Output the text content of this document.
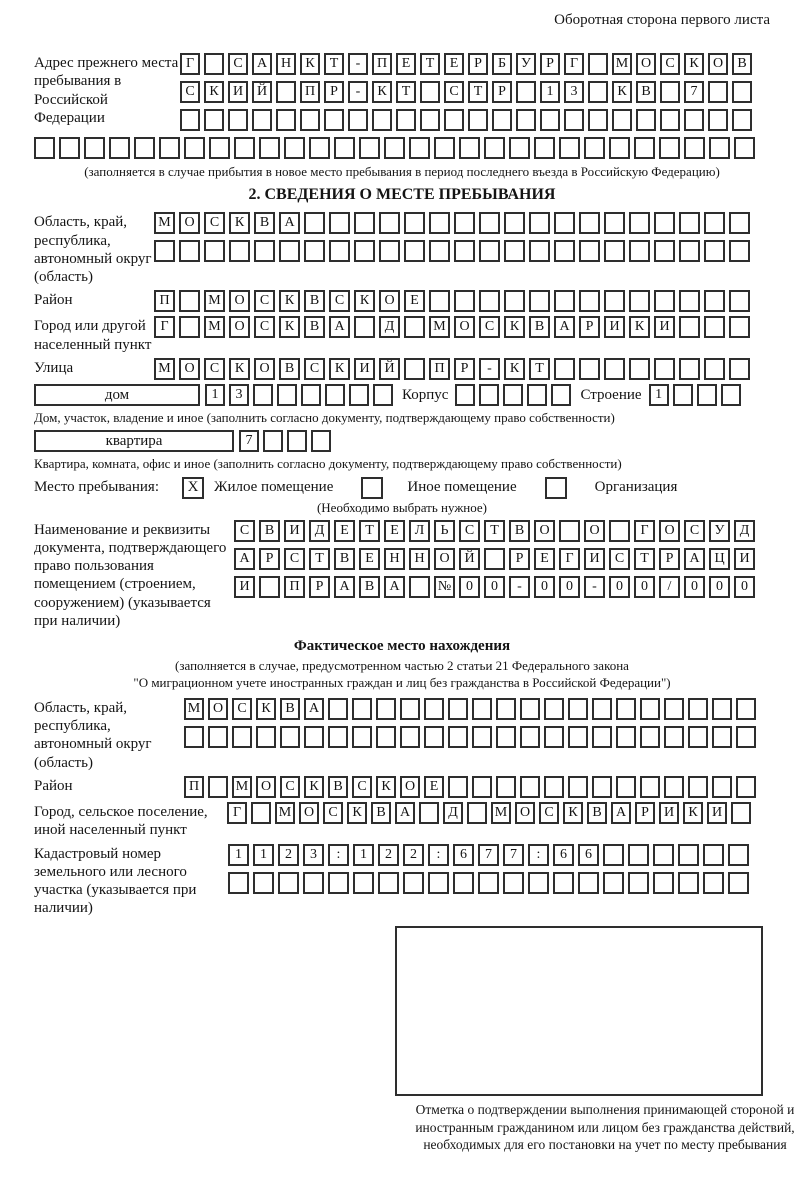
Оборотная сторона первого листа
Адрес прежнего места пребывания в Российской Федерации
Г	С	А Н	К	Т	-	П	Е	Т	Е	Р	Б	У	Р	Г	М О	С	К	О	В
С	К	И Й	П	Р	-	К	Т	С	Т	Р	1	3	К	В	7
(заполняется в случае прибытия в новое место пребывания в период последнего въезда в Российскую Федерацию)
2. СВЕДЕНИЯ О МЕСТЕ ПРЕБЫВАНИЯ
Область, край, республика, автономный округ (область)
М О	С	К	В	А
Район	П	М О	С	К	В	С	К	О	Е
Город или другой населенный пункт
Г	М О	С	К	В	А	Д	М О	С	К	В	А	Р	И	К	И
Улица	М О	С	К	О	В	С	К	И	Й	П	Р	-	К	Т
дом	1	3	Корпус	Строение 1
Дом, участок, владение и иное (заполнить согласно документу, подтверждающему право собственности)
квартира	7
Квартира, комната, офис и иное (заполнить согласно документу, подтверждающему право собственности)
Место пребывания:	X	Жилое помещение	Иное помещение	Организация
(Необходимо выбрать нужное)
Наименование и реквизиты документа, подтверждающего право пользования помещением (строением, сооружением) (указывается при наличии)
С	В	И	Д	Е	Т	Е	Л	Ь	С	Т	В	О	О	Г	О	С	У	Д
А	Р	С	Т	В	Е	Н	Н	О	Й	Р	Е	Г	И	С	Т	Р	А	Ц	И
И	П	Р	А	В	А	№	0	0	-	0	0	-	0	0	/	0	0	0
Фактическое место нахождения
(заполняется в случае, предусмотренном частью 2 статьи 21 Федерального закона
"О миграционном учете иностранных граждан и лиц без гражданства в Российской Федерации")
Область, край, республика, автономный округ (область)
М О	С	К	В	А
Район	П	М О	С	К	В	С	К	О	Е
Город, сельское поселение, иной населенный пункт
Г	М О	С	К	В	А	Д	М О	С	К	В	А	Р	И	К	И
Кадастровый номер земельного или лесного участка (указывается при наличии)
1	1	2	3	:	1	2	2	:	6	7	7	:	6	6
Отметка о подтверждении выполнения принимающей стороной и иностранным гражданином или лицом без гражданства действий, необходимых для его постановки на учет по месту пребывания
